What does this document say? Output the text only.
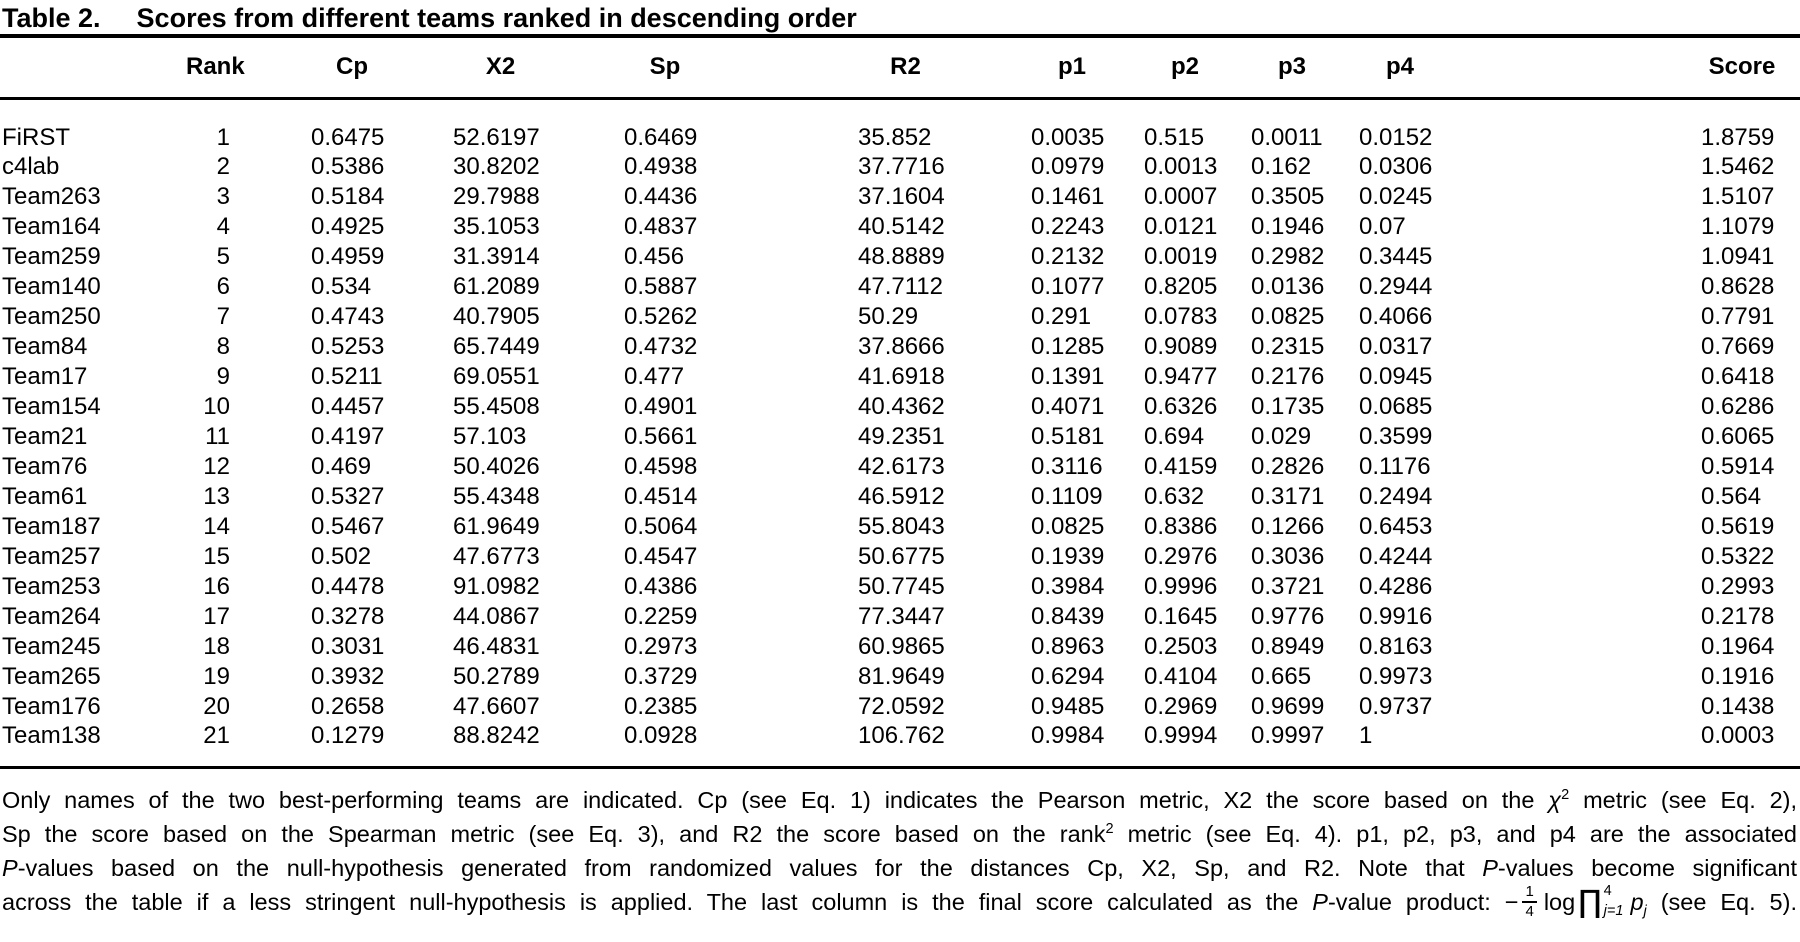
Table 2. Scores from different teams ranked in descending order
	Rank	Cp	X2	Sp	R2	p1	p2	p3	p4	Score
FiRST	1	0.6475	52.6197	0.6469	35.852	0.0035	0.515	0.0011	0.0152	1.8759
c4lab	2	0.5386	30.8202	0.4938	37.7716	0.0979	0.0013	0.162	0.0306	1.5462
Team263	3	0.5184	29.7988	0.4436	37.1604	0.1461	0.0007	0.3505	0.0245	1.5107
Team164	4	0.4925	35.1053	0.4837	40.5142	0.2243	0.0121	0.1946	0.07	1.1079
Team259	5	0.4959	31.3914	0.456	48.8889	0.2132	0.0019	0.2982	0.3445	1.0941
Team140	6	0.534	61.2089	0.5887	47.7112	0.1077	0.8205	0.0136	0.2944	0.8628
Team250	7	0.4743	40.7905	0.5262	50.29	0.291	0.0783	0.0825	0.4066	0.7791
Team84	8	0.5253	65.7449	0.4732	37.8666	0.1285	0.9089	0.2315	0.0317	0.7669
Team17	9	0.5211	69.0551	0.477	41.6918	0.1391	0.9477	0.2176	0.0945	0.6418
Team154	10	0.4457	55.4508	0.4901	40.4362	0.4071	0.6326	0.1735	0.0685	0.6286
Team21	11	0.4197	57.103	0.5661	49.2351	0.5181	0.694	0.029	0.3599	0.6065
Team76	12	0.469	50.4026	0.4598	42.6173	0.3116	0.4159	0.2826	0.1176	0.5914
Team61	13	0.5327	55.4348	0.4514	46.5912	0.1109	0.632	0.3171	0.2494	0.564
Team187	14	0.5467	61.9649	0.5064	55.8043	0.0825	0.8386	0.1266	0.6453	0.5619
Team257	15	0.502	47.6773	0.4547	50.6775	0.1939	0.2976	0.3036	0.4244	0.5322
Team253	16	0.4478	91.0982	0.4386	50.7745	0.3984	0.9996	0.3721	0.4286	0.2993
Team264	17	0.3278	44.0867	0.2259	77.3447	0.8439	0.1645	0.9776	0.9916	0.2178
Team245	18	0.3031	46.4831	0.2973	60.9865	0.8963	0.2503	0.8949	0.8163	0.1964
Team265	19	0.3932	50.2789	0.3729	81.9649	0.6294	0.4104	0.665	0.9973	0.1916
Team176	20	0.2658	47.6607	0.2385	72.0592	0.9485	0.2969	0.9699	0.9737	0.1438
Team138	21	0.1279	88.8242	0.0928	106.762	0.9984	0.9994	0.9997	1	0.0003
Only names of the two best-performing teams are indicated. Cp (see Eq. 1) indicates the Pearson metric, X2 the score based on the $\chi^2$ metric (see Eq. 2),
Sp the score based on the Spearman metric (see Eq. 3), and R2 the score based on the rank$^2$ metric (see Eq. 4). p1, p2, p3, and p4 are the associated
P-values based on the null-hypothesis generated from randomized values for the distances Cp, X2, Sp, and R2. Note that P-values become significant
across the table if a less stringent null-hypothesis is applied. The last column is the final score calculated as the P-value product: − $\frac{1}{4}$ log ∏ 4
j=1 $p_j$ (see Eq. 5).
